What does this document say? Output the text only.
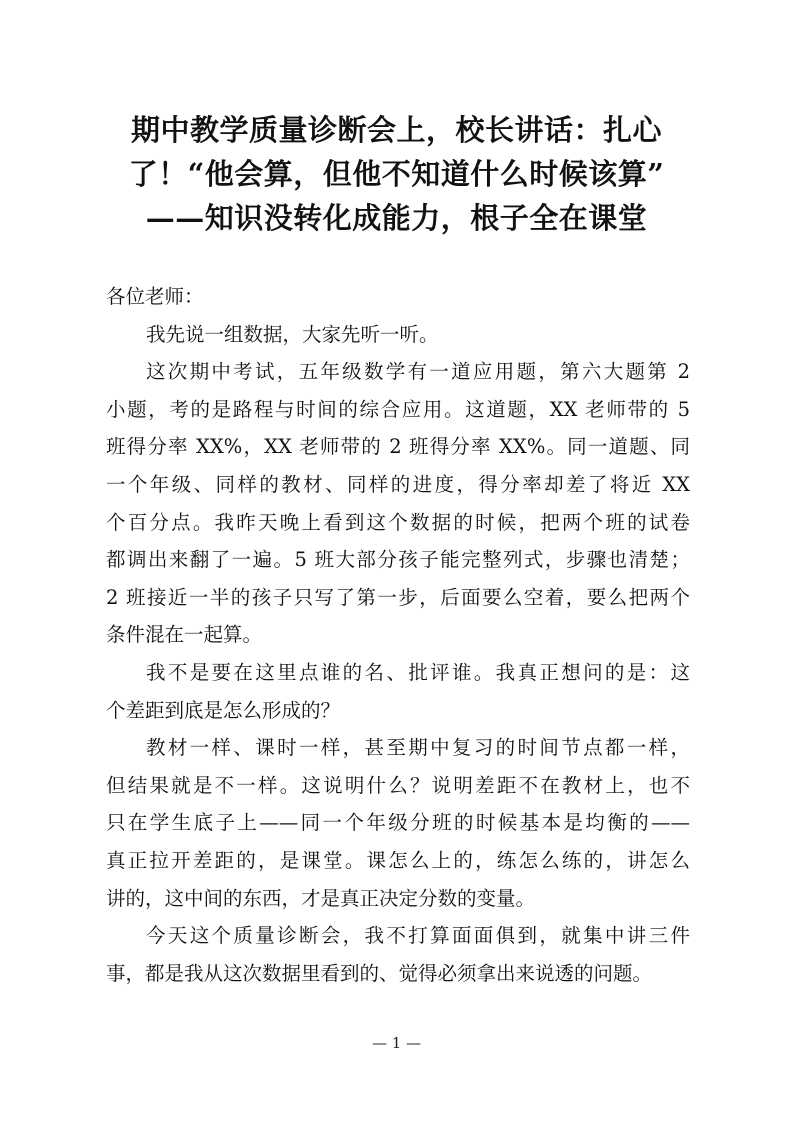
期中教学质量诊断会上，校长讲话：扎心
了！“他会算，但他不知道什么时候该算”
——知识没转化成能力，根子全在课堂

各位老师：

我先说一组数据，大家先听一听。

这次期中考试，五年级数学有一道应用题，第六大题第 2
小题，考的是路程与时间的综合应用。这道题，XX 老师带的 5
班得分率 XX%，XX 老师带的 2 班得分率 XX%。同一道题、同
一个年级、同样的教材、同样的进度，得分率却差了将近 XX
个百分点。我昨天晚上看到这个数据的时候，把两个班的试卷
都调出来翻了一遍。5 班大部分孩子能完整列式，步骤也清楚；
2 班接近一半的孩子只写了第一步，后面要么空着，要么把两个
条件混在一起算。

我不是要在这里点谁的名、批评谁。我真正想问的是：这
个差距到底是怎么形成的？

教材一样、课时一样，甚至期中复习的时间节点都一样，
但结果就是不一样。这说明什么？说明差距不在教材上，也不
只在学生底子上——同一个年级分班的时候基本是均衡的——
真正拉开差距的，是课堂。课怎么上的，练怎么练的，讲怎么
讲的，这中间的东西，才是真正决定分数的变量。

今天这个质量诊断会，我不打算面面俱到，就集中讲三件
事，都是我从这次数据里看到的、觉得必须拿出来说透的问题。

— 1 —
